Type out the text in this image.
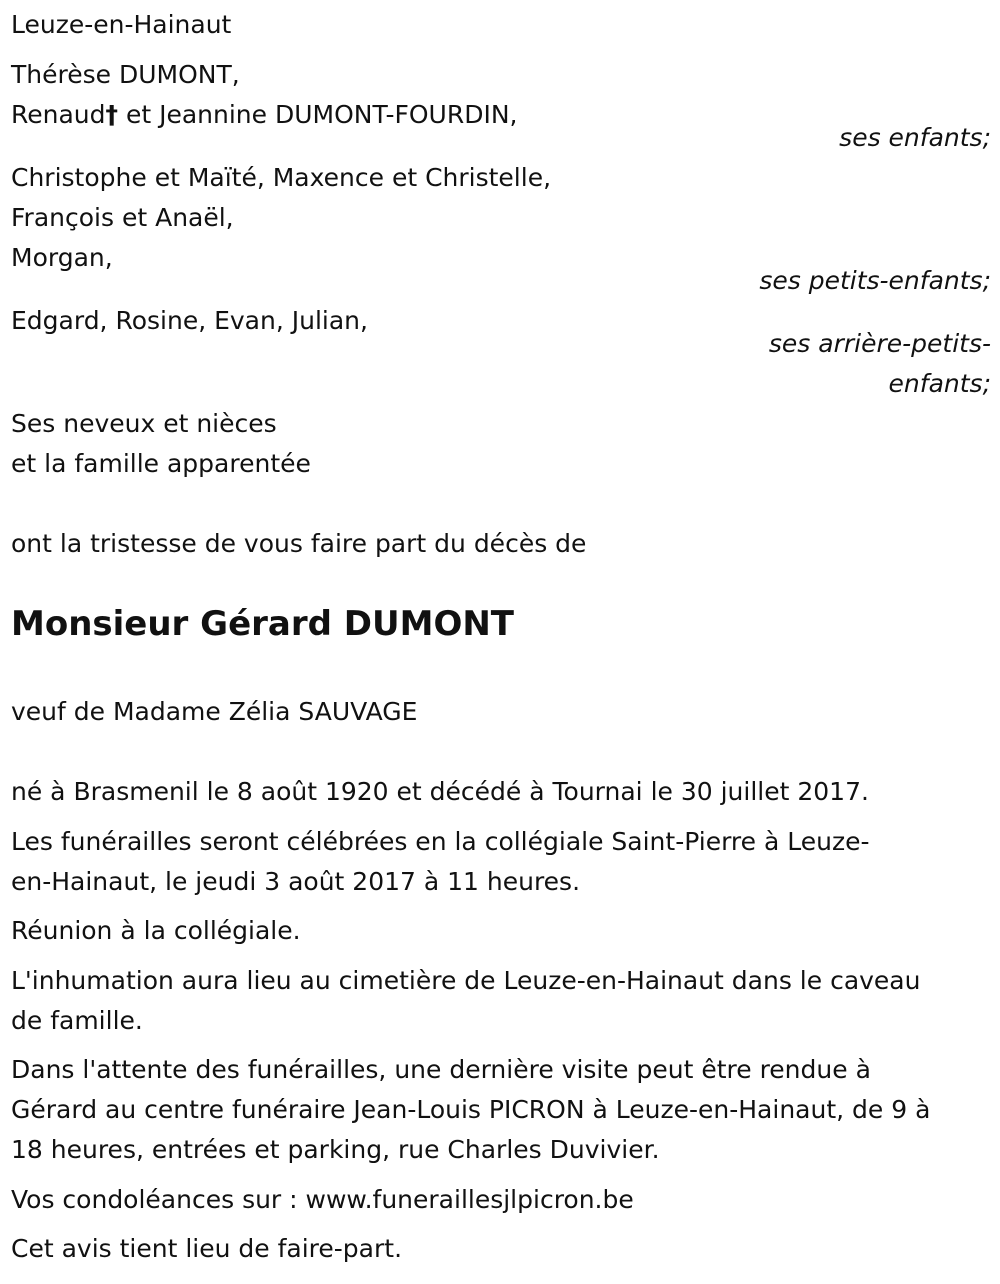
Leuze-en-Hainaut

Thérèse DUMONT,

Renaud† et Jeannine DUMONT-FOURDIN,

ses enfants;

Christophe et Maïté, Maxence et Christelle,

François et Anaël,

Morgan,

ses petits-enfants;

Edgard, Rosine, Evan, Julian,

ses arrière-petits-

enfants;

Ses neveux et nièces

et la famille apparentée

ont la tristesse de vous faire part du décès de

Monsieur Gérard DUMONT

veuf de Madame Zélia SAUVAGE

né à Brasmenil le 8 août 1920 et décédé à Tournai le 30 juillet 2017.

Les funérailles seront célébrées en la collégiale Saint-Pierre à Leuze-

en-Hainaut, le jeudi 3 août 2017 à 11 heures.

Réunion à la collégiale.

L'inhumation aura lieu au cimetière de Leuze-en-Hainaut dans le caveau

de famille.

Dans l'attente des funérailles, une dernière visite peut être rendue à

Gérard au centre funéraire Jean-Louis PICRON à Leuze-en-Hainaut, de 9 à

18 heures, entrées et parking, rue Charles Duvivier.

Vos condoléances sur : www.funeraillesjlpicron.be

Cet avis tient lieu de faire-part.
